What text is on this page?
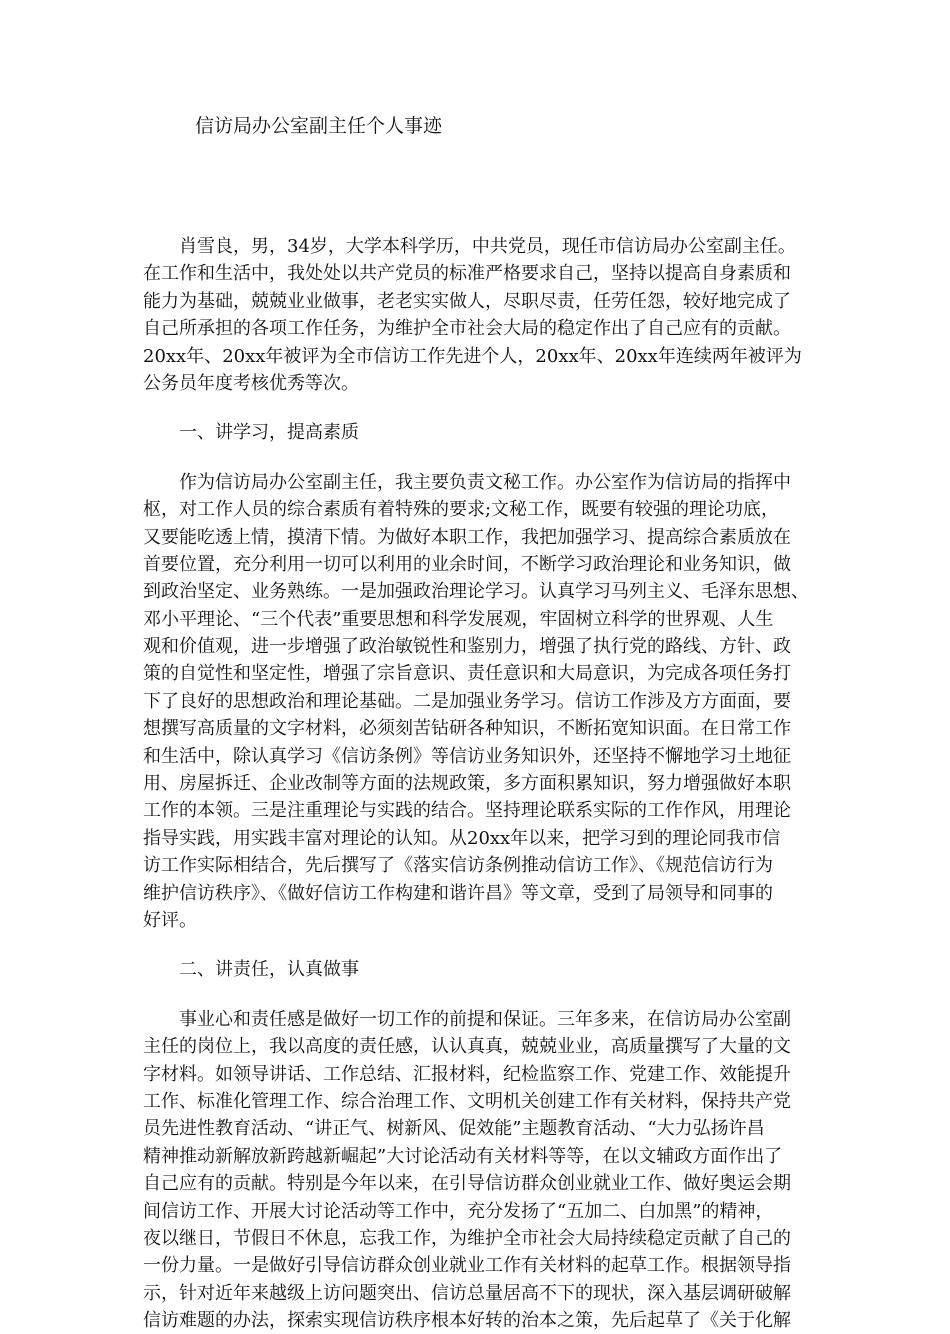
信访局办公室副主任个人事迹
　　肖雪良，男，34岁，大学本科学历，中共党员，现任市信访局办公室副主任。
在工作和生活中，我处处以共产党员的标准严格要求自己，坚持以提高自身素质和
能力为基础，兢兢业业做事，老老实实做人，尽职尽责，任劳任怨，较好地完成了
自己所承担的各项工作任务，为维护全市社会大局的稳定作出了自己应有的贡献。
20xx年、20xx年被评为全市信访工作先进个人，20xx年、20xx年连续两年被评为
公务员年度考核优秀等次。
　　一、讲学习，提高素质
　　作为信访局办公室副主任，我主要负责文秘工作。办公室作为信访局的指挥中
枢，对工作人员的综合素质有着特殊的要求;文秘工作，既要有较强的理论功底，
又要能吃透上情，摸清下情。为做好本职工作，我把加强学习、提高综合素质放在
首要位置，充分利用一切可以利用的业余时间，不断学习政治理论和业务知识，做
到政治坚定、业务熟练。一是加强政治理论学习。认真学习马列主义、毛泽东思想、
邓小平理论、“三个代表”重要思想和科学发展观，牢固树立科学的世界观、人生
观和价值观，进一步增强了政治敏锐性和鉴别力，增强了执行党的路线、方针、政
策的自觉性和坚定性，增强了宗旨意识、责任意识和大局意识，为完成各项任务打
下了良好的思想政治和理论基础。二是加强业务学习。信访工作涉及方方面面，要
想撰写高质量的文字材料，必须刻苦钻研各种知识，不断拓宽知识面。在日常工作
和生活中，除认真学习《信访条例》等信访业务知识外，还坚持不懈地学习土地征
用、房屋拆迁、企业改制等方面的法规政策，多方面积累知识，努力增强做好本职
工作的本领。三是注重理论与实践的结合。坚持理论联系实际的工作作风，用理论
指导实践，用实践丰富对理论的认知。从20xx年以来，把学习到的理论同我市信
访工作实际相结合，先后撰写了《落实信访条例推动信访工作》、《规范信访行为
维护信访秩序》、《做好信访工作构建和谐许昌》等文章，受到了局领导和同事的
好评。
　　二、讲责任，认真做事
　　事业心和责任感是做好一切工作的前提和保证。三年多来，在信访局办公室副
主任的岗位上，我以高度的责任感，认认真真，兢兢业业，高质量撰写了大量的文
字材料。如领导讲话、工作总结、汇报材料，纪检监察工作、党建工作、效能提升
工作、标准化管理工作、综合治理工作、文明机关创建工作有关材料，保持共产党
员先进性教育活动、“讲正气、树新风、促效能”主题教育活动、“大力弘扬许昌
精神推动新解放新跨越新崛起”大讨论活动有关材料等等，在以文辅政方面作出了
自己应有的贡献。特别是今年以来，在引导信访群众创业就业工作、做好奥运会期
间信访工作、开展大讨论活动等工作中，充分发扬了“五加二、白加黑”的精神，
夜以继日，节假日不休息，忘我工作，为维护全市社会大局持续稳定贡献了自己的
一份力量。一是做好引导信访群众创业就业工作有关材料的起草工作。根据领导指
示，针对近年来越级上访问题突出、信访总量居高不下的现状，深入基层调研破解
信访难题的办法，探索实现信访秩序根本好转的治本之策，先后起草了《关于化解
